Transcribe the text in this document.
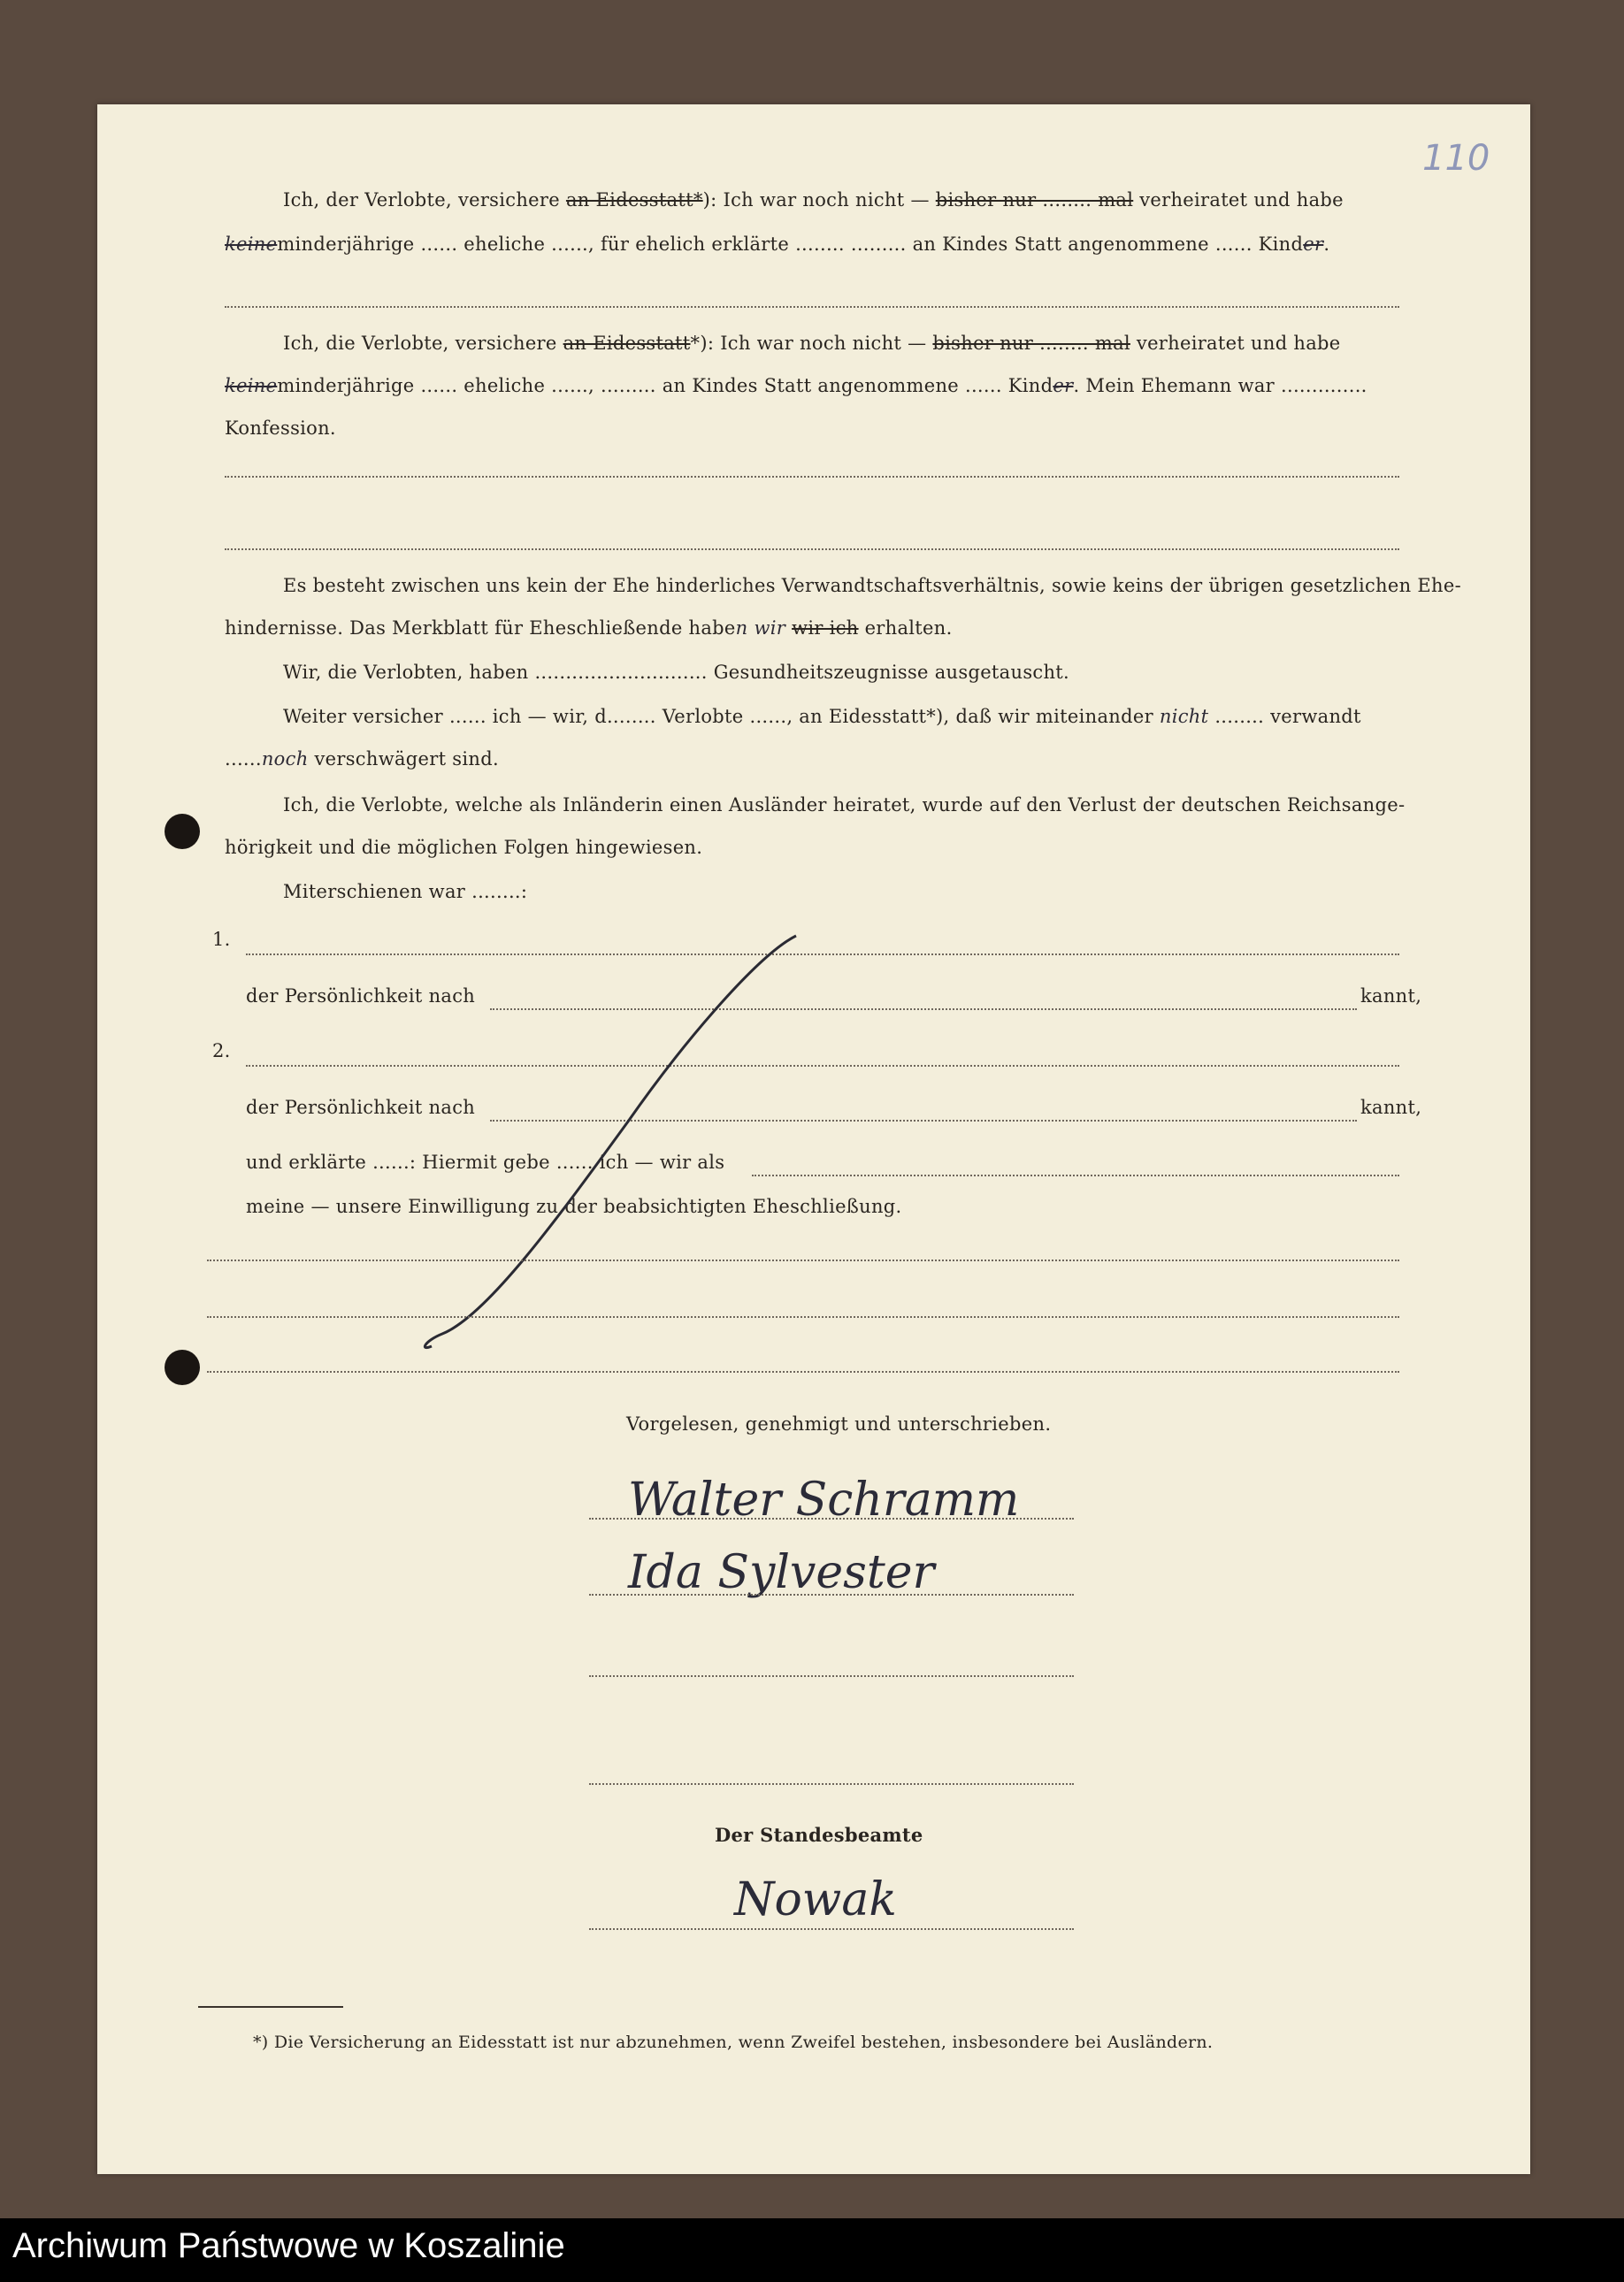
110
Ich, der Verlobte, versichere an Eidesstatt*): Ich war noch nicht — bisher nur ........ mal verheiratet und habe
keineminderjährige ...... eheliche ......, für ehelich erklärte ........ ......... an Kindes Statt angenommene ...... Kinder.
Ich, die Verlobte, versichere an Eidesstatt*): Ich war noch nicht — bisher nur ........ mal verheiratet und habe
keineminderjährige ...... eheliche ......, ......... an Kindes Statt angenommene ...... Kinder. Mein Ehemann war ..............
Konfession.
Es besteht zwischen uns kein der Ehe hinderliches Verwandtschaftsverhältnis, sowie keins der übrigen gesetzlichen Ehe-
hindernisse. Das Merkblatt für Eheschließende haben wir wir ich erhalten.
Wir, die Verlobten, haben ............................ Gesundheitszeugnisse ausgetauscht.
Weiter versicher ...... ich — wir, d........ Verlobte ......, an Eidesstatt*), daß wir miteinander nicht ........ verwandt
......noch verschwägert sind.
Ich, die Verlobte, welche als Inländerin einen Ausländer heiratet, wurde auf den Verlust der deutschen Reichsange-
hörigkeit und die möglichen Folgen hingewiesen.
Miterschienen war ........:
1.
der Persönlichkeit nach	kannt,
2.
der Persönlichkeit nach	kannt,
und erklärte ......: Hiermit gebe ...... ich — wir als
meine — unsere Einwilligung zu der beabsichtigten Eheschließung.
Vorgelesen, genehmigt und unterschrieben.
Walter Schramm
Ida Sylvester
Der Standesbeamte
Nowak
*) Die Versicherung an Eidesstatt ist nur abzunehmen, wenn Zweifel bestehen, insbesondere bei Ausländern.
Archiwum Państwowe w Koszalinie
